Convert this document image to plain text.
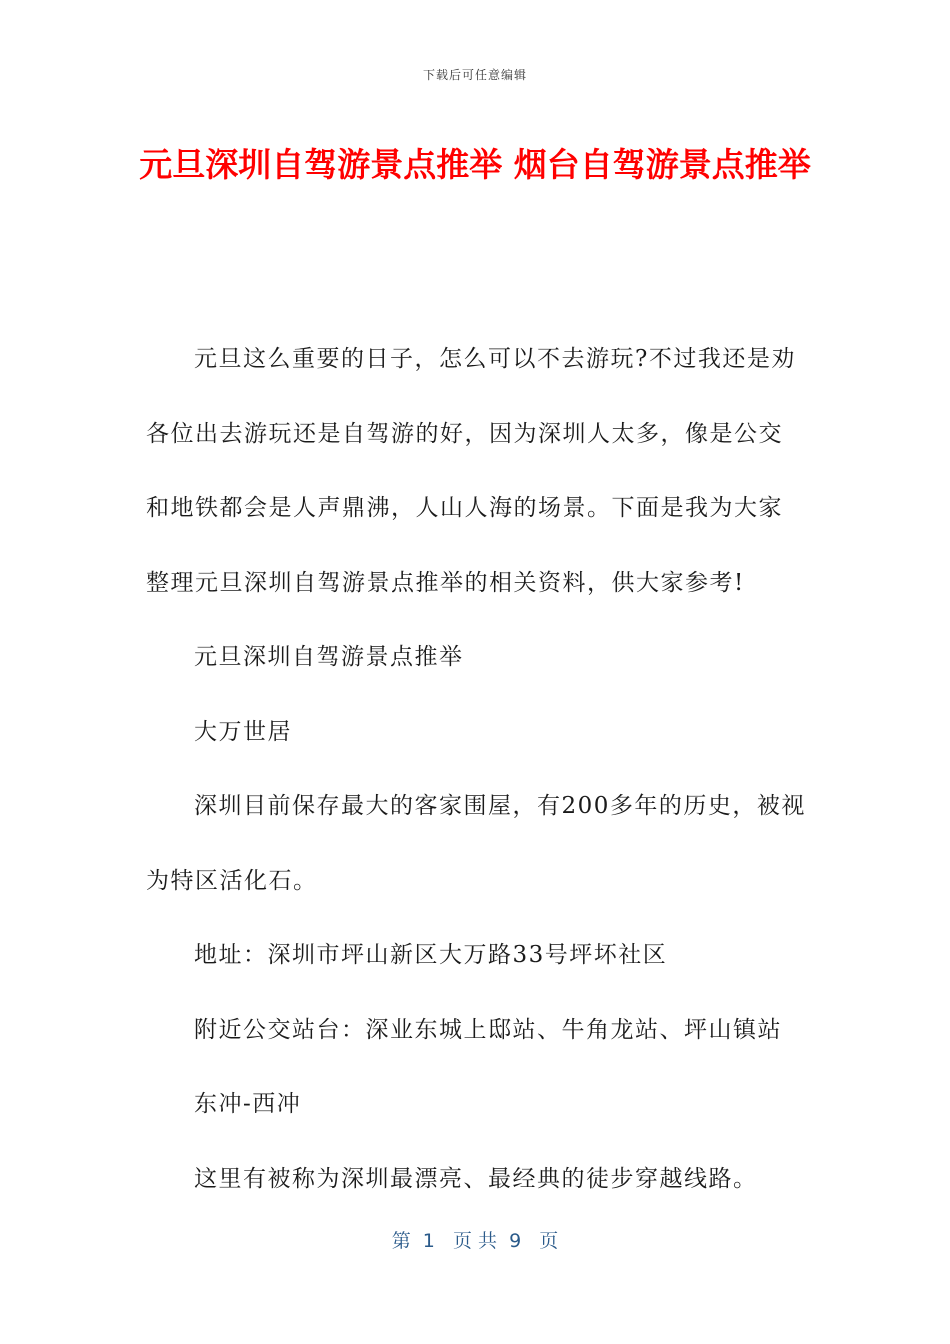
下载后可任意编辑
元旦深圳自驾游景点推举 烟台自驾游景点推举

元旦这么重要的日子，怎么可以不去游玩?不过我还是劝各位出去游玩还是自驾游的好，因为深圳人太多，像是公交和地铁都会是人声鼎沸，人山人海的场景。下面是我为大家整理元旦深圳自驾游景点推举的相关资料，供大家参考!

元旦深圳自驾游景点推举

大万世居

深圳目前保存最大的客家围屋，有200多年的历史，被视为特区活化石。

地址：深圳市坪山新区大万路33号坪坏社区

附近公交站台：深业东城上邸站、牛角龙站、坪山镇站

东冲-西冲

这里有被称为深圳最漂亮、最经典的徒步穿越线路。

第  1   页 共  9   页
